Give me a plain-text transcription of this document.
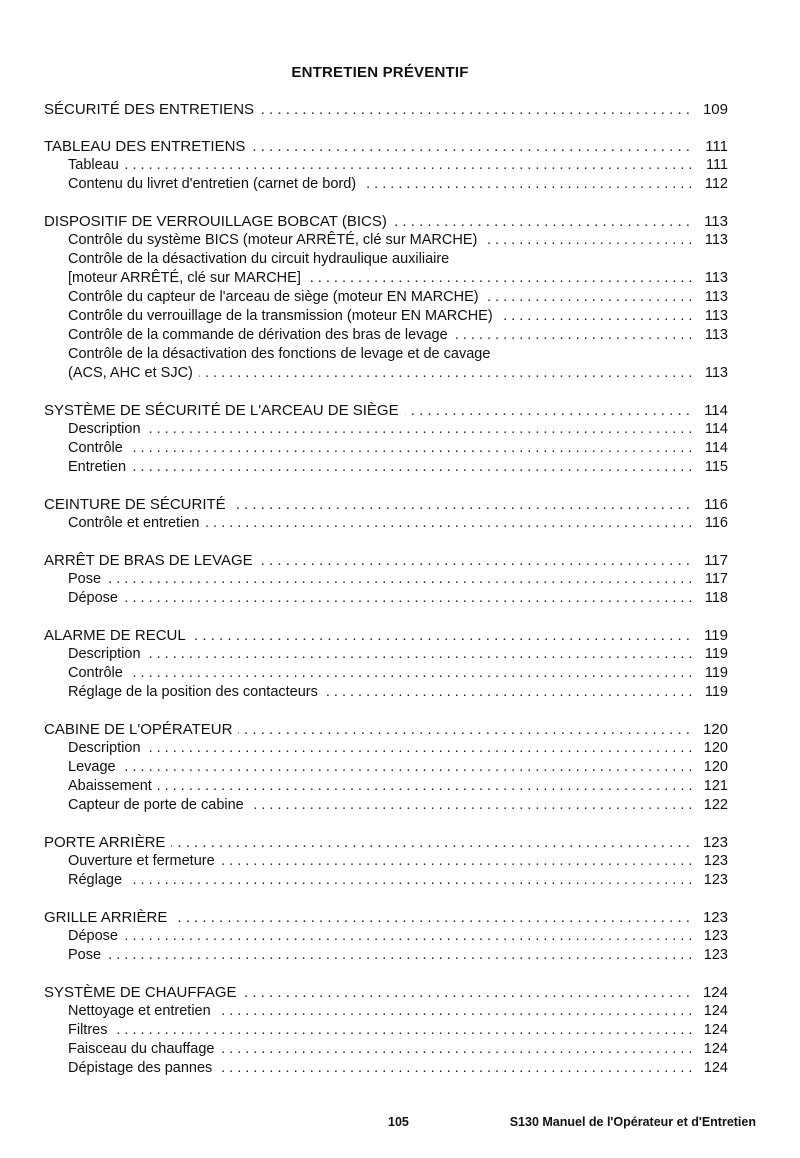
ENTRETIEN PRÉVENTIF
. . .
SÉCURITÉ DES ENTRETIENS	109
. . .
TABLEAU DES ENTRETIENS	111
. . .
Tableau	111
. . .
Contenu du livret d'entretien (carnet de bord)	112
. . .
DISPOSITIF DE VERROUILLAGE BOBCAT (BICS)	113
. . .
Contrôle du système BICS (moteur ARRÊTÉ, clé sur MARCHE)	113
Contrôle de la désactivation du circuit hydraulique auxiliaire
. . .
[moteur ARRÊTÉ, clé sur MARCHE]	113
. . .
Contrôle du capteur de l'arceau de siège (moteur EN MARCHE)	113
. . .
Contrôle du verrouillage de la transmission (moteur EN MARCHE)	113
. . .
Contrôle de la commande de dérivation des bras de levage	113
Contrôle de la désactivation des fonctions de levage et de cavage
. . .
(ACS, AHC et SJC)	113
. . .
SYSTÈME DE SÉCURITÉ DE L'ARCEAU DE SIÈGE	114
. . .
Description	114
. . .
Contrôle	114
. . .
Entretien	115
. . .
CEINTURE DE SÉCURITÉ	116
. . .
Contrôle et entretien	116
. . .
ARRÊT DE BRAS DE LEVAGE	117
. . .
Pose	117
. . .
Dépose	118
. . .
ALARME DE RECUL	119
. . .
Description	119
. . .
Contrôle	119
. . .
Réglage de la position des contacteurs	119
. . .
CABINE DE L'OPÉRATEUR	120
. . .
Description	120
. . .
Levage	120
. . .
Abaissement	121
. . .
Capteur de porte de cabine	122
. . .
PORTE ARRIÈRE	123
. . .
Ouverture et fermeture	123
. . .
Réglage	123
. . .
GRILLE ARRIÈRE	123
. . .
Dépose	123
. . .
Pose	123
. . .
SYSTÈME DE CHAUFFAGE	124
. . .
Nettoyage et entretien	124
. . .
Filtres	124
. . .
Faisceau du chauffage	124
. . .
Dépistage des pannes	124
105	S130 Manuel de l'Opérateur et d'Entretien
